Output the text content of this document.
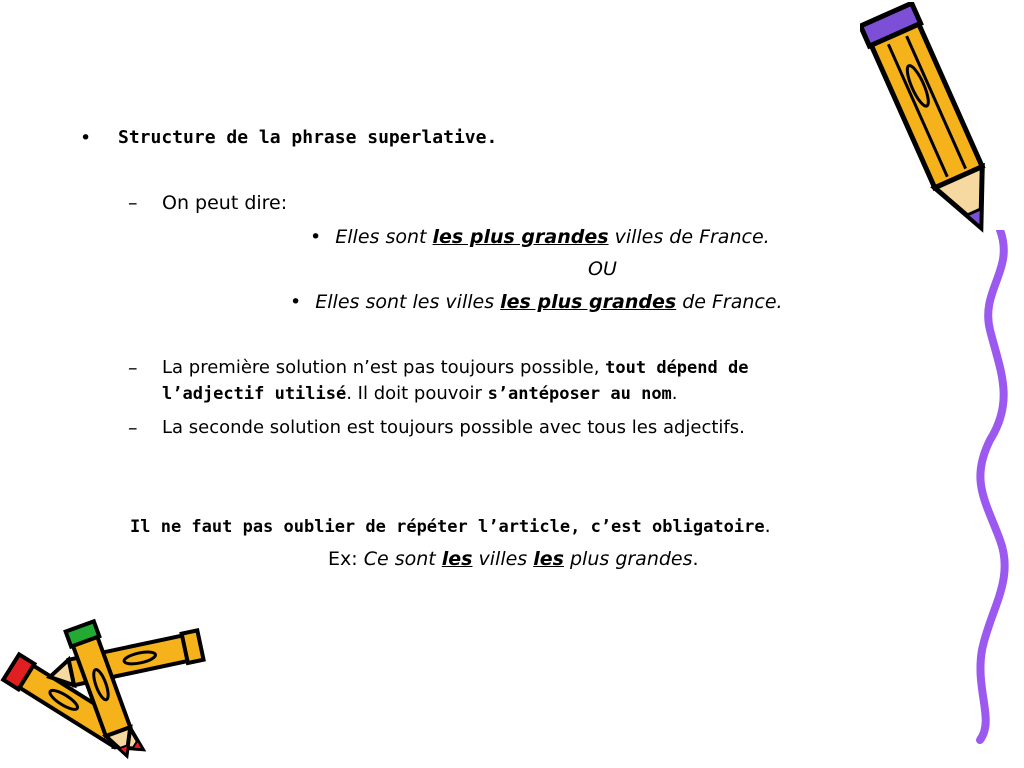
• Structure de la phrase superlative.
– On peut dire:
• Elles sont les plus grandes villes de France.
OU
• Elles sont les villes les plus grandes de France.
– La première solution n’est pas toujours possible, tout dépend de
l’adjectif utilisé. Il doit pouvoir s’antéposer au nom.
– La seconde solution est toujours possible avec tous les adjectifs.
Il ne faut pas oublier de répéter l’article, c’est obligatoire.
Ex: Ce sont les villes les plus grandes.
